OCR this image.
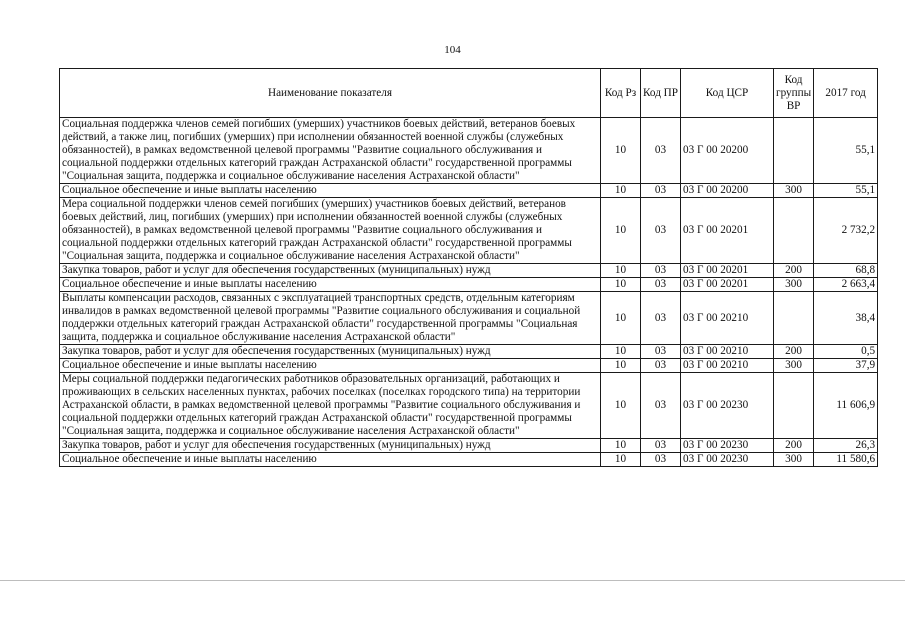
104
Наименование показателя	Код Рз	Код ПР	Код ЦСР	Код группы ВР	2017 год
Социальная поддержка членов семей погибших (умерших) участников боевых действий, ветеранов боевых действий, а также лиц, погибших (умерших) при исполнении обязанностей военной службы (служебных обязанностей), в рамках ведомственной целевой программы "Развитие социального обслуживания и социальной поддержки отдельных категорий граждан Астраханской области" государственной программы "Социальная защита, поддержка и социальное обслуживание населения Астраханской области"	10	03	03 Г 00 20200		55,1
Социальное обеспечение и иные выплаты населению	10	03	03 Г 00 20200	300	55,1
Мера социальной поддержки членов семей погибших (умерших) участников боевых действий, ветеранов боевых действий, лиц, погибших (умерших) при исполнении обязанностей военной службы (служебных обязанностей), в рамках ведомственной целевой программы "Развитие социального обслуживания и социальной поддержки отдельных категорий граждан Астраханской области" государственной программы "Социальная защита, поддержка и социальное обслуживание населения Астраханской области"	10	03	03 Г 00 20201		2 732,2
Закупка товаров, работ и услуг для обеспечения государственных (муниципальных) нужд	10	03	03 Г 00 20201	200	68,8
Социальное обеспечение и иные выплаты населению	10	03	03 Г 00 20201	300	2 663,4
Выплаты компенсации расходов, связанных с эксплуатацией транспортных средств, отдельным категориям инвалидов в рамках ведомственной целевой программы "Развитие социального обслуживания и социальной поддержки отдельных категорий граждан Астраханской области" государственной программы "Социальная защита, поддержка и социальное обслуживание населения Астраханской области"	10	03	03 Г 00 20210		38,4
Закупка товаров, работ и услуг для обеспечения государственных (муниципальных) нужд	10	03	03 Г 00 20210	200	0,5
Социальное обеспечение и иные выплаты населению	10	03	03 Г 00 20210	300	37,9
Меры социальной поддержки педагогических работников образовательных организаций, работающих и проживающих в сельских населенных пунктах, рабочих поселках (поселках городского типа) на территории Астраханской области, в рамках ведомственной целевой программы "Развитие социального обслуживания и социальной поддержки отдельных категорий граждан Астраханской области" государственной программы "Социальная защита, поддержка и социальное обслуживание населения Астраханской области"	10	03	03 Г 00 20230		11 606,9
Закупка товаров, работ и услуг для обеспечения государственных (муниципальных) нужд	10	03	03 Г 00 20230	200	26,3
Социальное обеспечение и иные выплаты населению	10	03	03 Г 00 20230	300	11 580,6
